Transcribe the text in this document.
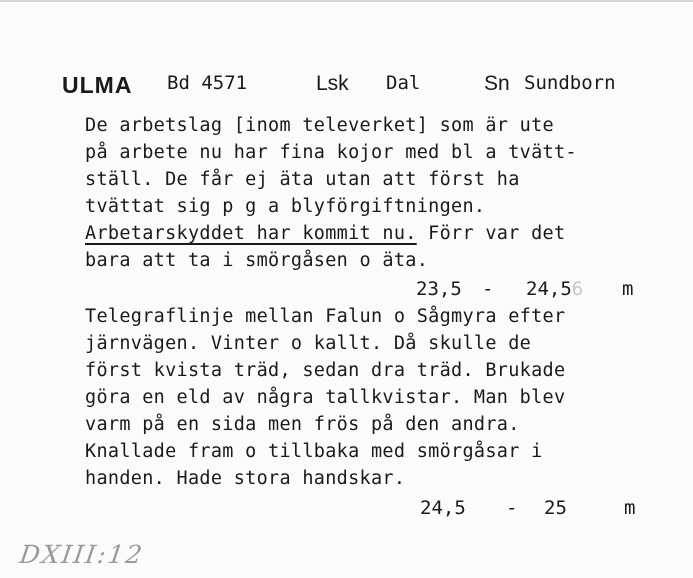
ULMA Bd 4571	Lsk Dal	Sn Sundborn
De arbetslag [inom televerket] som är ute
på arbete nu har fina kojor med bl a tvätt-
ställ. De får ej äta utan att först ha
tvättat sig p g a blyförgiftningen.
Arbetarskyddet har kommit nu. Förr var det
bara att ta i smörgåsen o äta.
23,5 - 24,56 m
Telegraflinje mellan Falun o Sågmyra efter
järnvägen. Vinter o kallt. Då skulle de
först kvista träd, sedan dra träd. Brukade
göra en eld av några tallkvistar. Man blev
varm på en sida men frös på den andra.
Knallade fram o tillbaka med smörgåsar i
handen. Hade stora handskar.
24,5 - 25	m
DXIII:12
